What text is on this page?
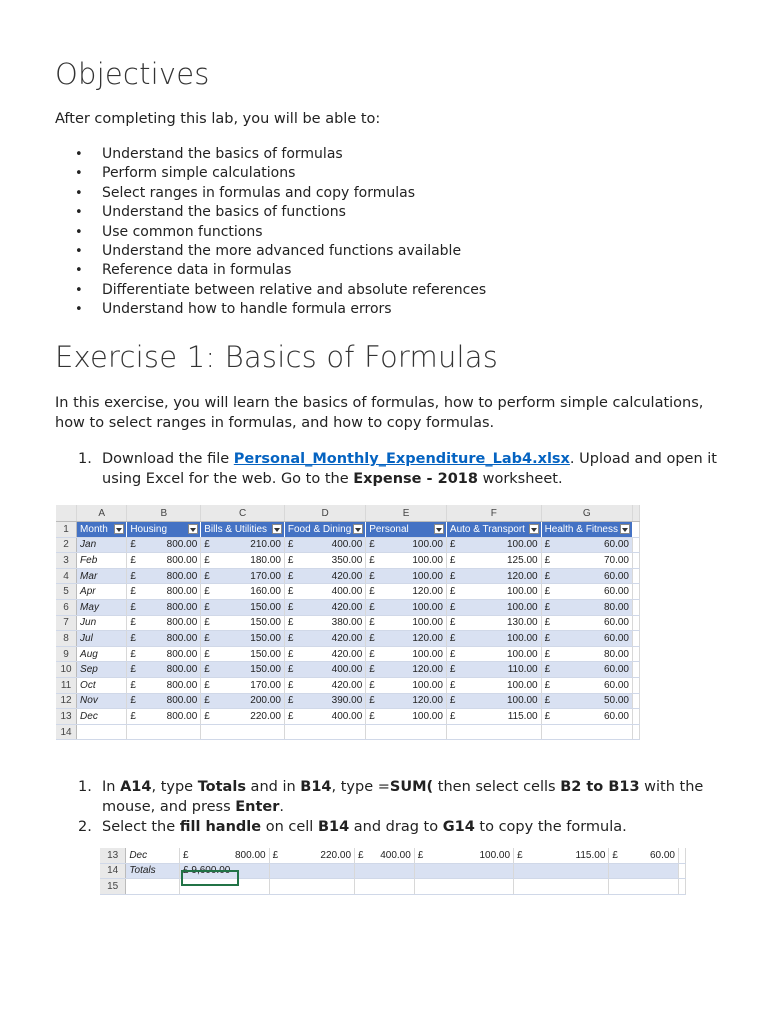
Objectives
After completing this lab, you will be able to:
• Understand the basics of formulas
• Perform simple calculations
• Select ranges in formulas and copy formulas
• Understand the basics of functions
• Use common functions
• Understand the more advanced functions available
• Reference data in formulas
• Differentiate between relative and absolute references
• Understand how to handle formula errors
Exercise 1: Basics of Formulas
In this exercise, you will learn the basics of formulas, how to perform simple calculations, how to select ranges in formulas, and how to copy formulas.
1. Download the file Personal_Monthly_Expenditure_Lab4.xlsx. Upload and open it using Excel for the web. Go to the Expense - 2018 worksheet.
	A	B	C	D	E	F	G	
1	Month	Housing	Bills & Utilities	Food & Dining	Personal	Auto & Transport	Health & Fitness

2	Jan	£ 800.00	£ 210.00	£ 400.00	£ 100.00	£ 100.00	£ 60.00	

3	Feb	£ 800.00	£ 180.00	£ 350.00	£ 100.00	£ 125.00	£ 70.00	

4	Mar	£ 800.00	£ 170.00	£ 420.00	£ 100.00	£ 120.00	£ 60.00	

5	Apr	£ 800.00	£ 160.00	£ 400.00	£ 120.00	£ 100.00	£ 60.00	

6	May	£ 800.00	£ 150.00	£ 420.00	£ 100.00	£ 100.00	£ 80.00	

7	Jun	£ 800.00	£ 150.00	£ 380.00	£ 100.00	£ 130.00	£ 60.00	

8	Jul	£ 800.00	£ 150.00	£ 420.00	£ 120.00	£ 100.00	£ 60.00	

9	Aug	£ 800.00	£ 150.00	£ 420.00	£ 100.00	£ 100.00	£ 80.00	

10	Sep	£ 800.00	£ 150.00	£ 400.00	£ 120.00	£ 110.00	£ 60.00	

11	Oct	£ 800.00	£ 170.00	£ 420.00	£ 100.00	£ 100.00	£ 60.00	

12	Nov	£ 800.00	£ 200.00	£ 390.00	£ 120.00	£ 100.00	£ 50.00	

13	Dec	£ 800.00	£ 220.00	£ 400.00	£ 100.00	£ 115.00	£ 60.00	

14								
1. In A14, type Totals and in B14, type =SUM( then select cells B2 to B13 with the mouse, and press Enter.
2. Select the fill handle on cell B14 and drag to G14 to copy the formula.
13	Dec	£ 800.00	£ 220.00	£ 400.00	£ 100.00	£ 115.00	£ 60.00	

14	Totals	£ 9,600.00						
15								
